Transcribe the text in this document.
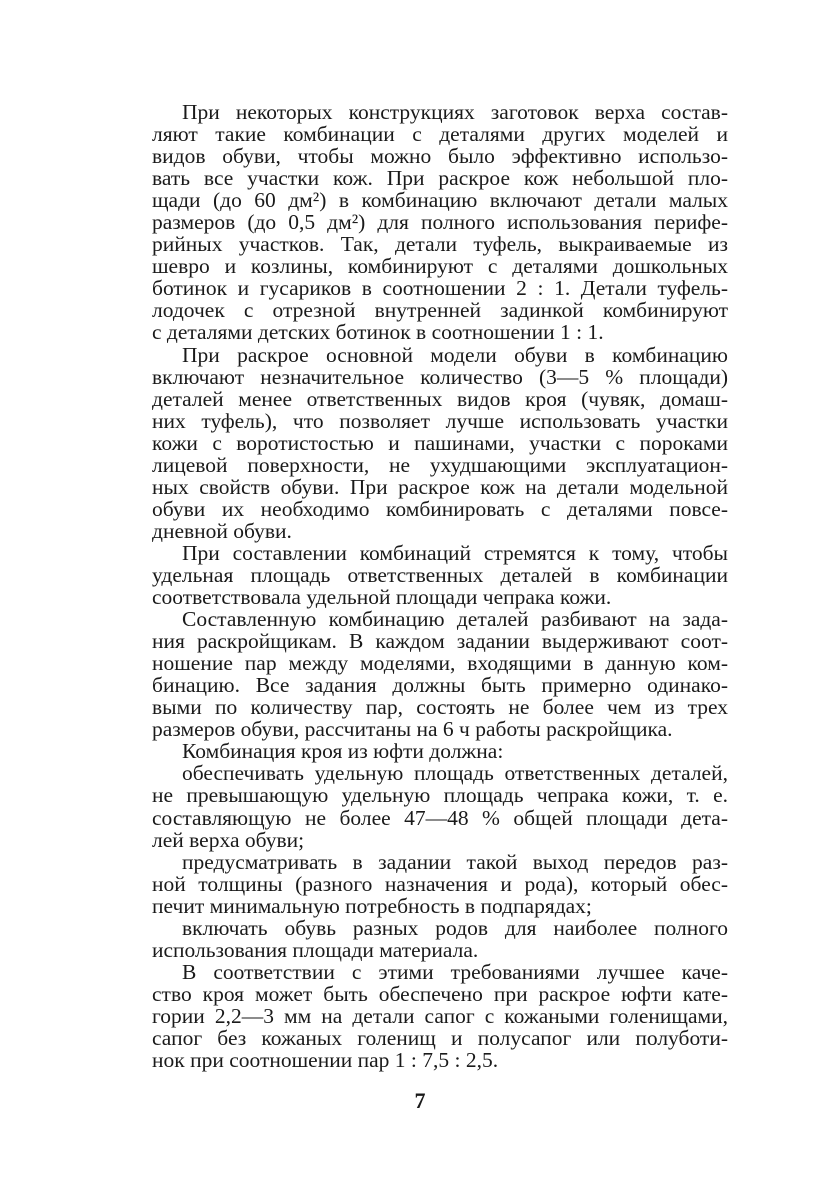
При некоторых конструкциях заготовок верха состав-
ляют такие комбинации с деталями других моделей и
видов обуви, чтобы можно было эффективно использо-
вать все участки кож. При раскрое кож небольшой пло-
щади (до 60 дм²) в комбинацию включают детали малых
размеров (до 0,5 дм²) для полного использования перифе-
рийных участков. Так, детали туфель, выкраиваемые из
шевро и козлины, комбинируют с деталями дошкольных
ботинок и гусариков в соотношении 2 : 1. Детали туфель-
лодочек с отрезной внутренней задинкой комбинируют
с деталями детских ботинок в соотношении 1 : 1.
При раскрое основной модели обуви в комбинацию
включают незначительное количество (3—5 % площади)
деталей менее ответственных видов кроя (чувяк, домаш-
них туфель), что позволяет лучше использовать участки
кожи с воротистостью и пашинами, участки с пороками
лицевой поверхности, не ухудшающими эксплуатацион-
ных свойств обуви. При раскрое кож на детали модельной
обуви их необходимо комбинировать с деталями повсе-
дневной обуви.
При составлении комбинаций стремятся к тому, чтобы
удельная площадь ответственных деталей в комбинации
соответствовала удельной площади чепрака кожи.
Составленную комбинацию деталей разбивают на зада-
ния раскройщикам. В каждом задании выдерживают соот-
ношение пар между моделями, входящими в данную ком-
бинацию. Все задания должны быть примерно одинако-
выми по количеству пар, состоять не более чем из трех
размеров обуви, рассчитаны на 6 ч работы раскройщика.
Комбинация кроя из юфти должна:
обеспечивать удельную площадь ответственных деталей,
не превышающую удельную площадь чепрака кожи, т. е.
составляющую не более 47—48 % общей площади дета-
лей верха обуви;
предусматривать в задании такой выход передов раз-
ной толщины (разного назначения и рода), который обес-
печит минимальную потребность в подпарядах;
включать обувь разных родов для наиболее полного
использования площади материала.
В соответствии с этими требованиями лучшее каче-
ство кроя может быть обеспечено при раскрое юфти кате-
гории 2,2—3 мм на детали сапог с кожаными голенищами,
сапог без кожаных голенищ и полусапог или полуботи-
нок при соотношении пар 1 : 7,5 : 2,5.
7
